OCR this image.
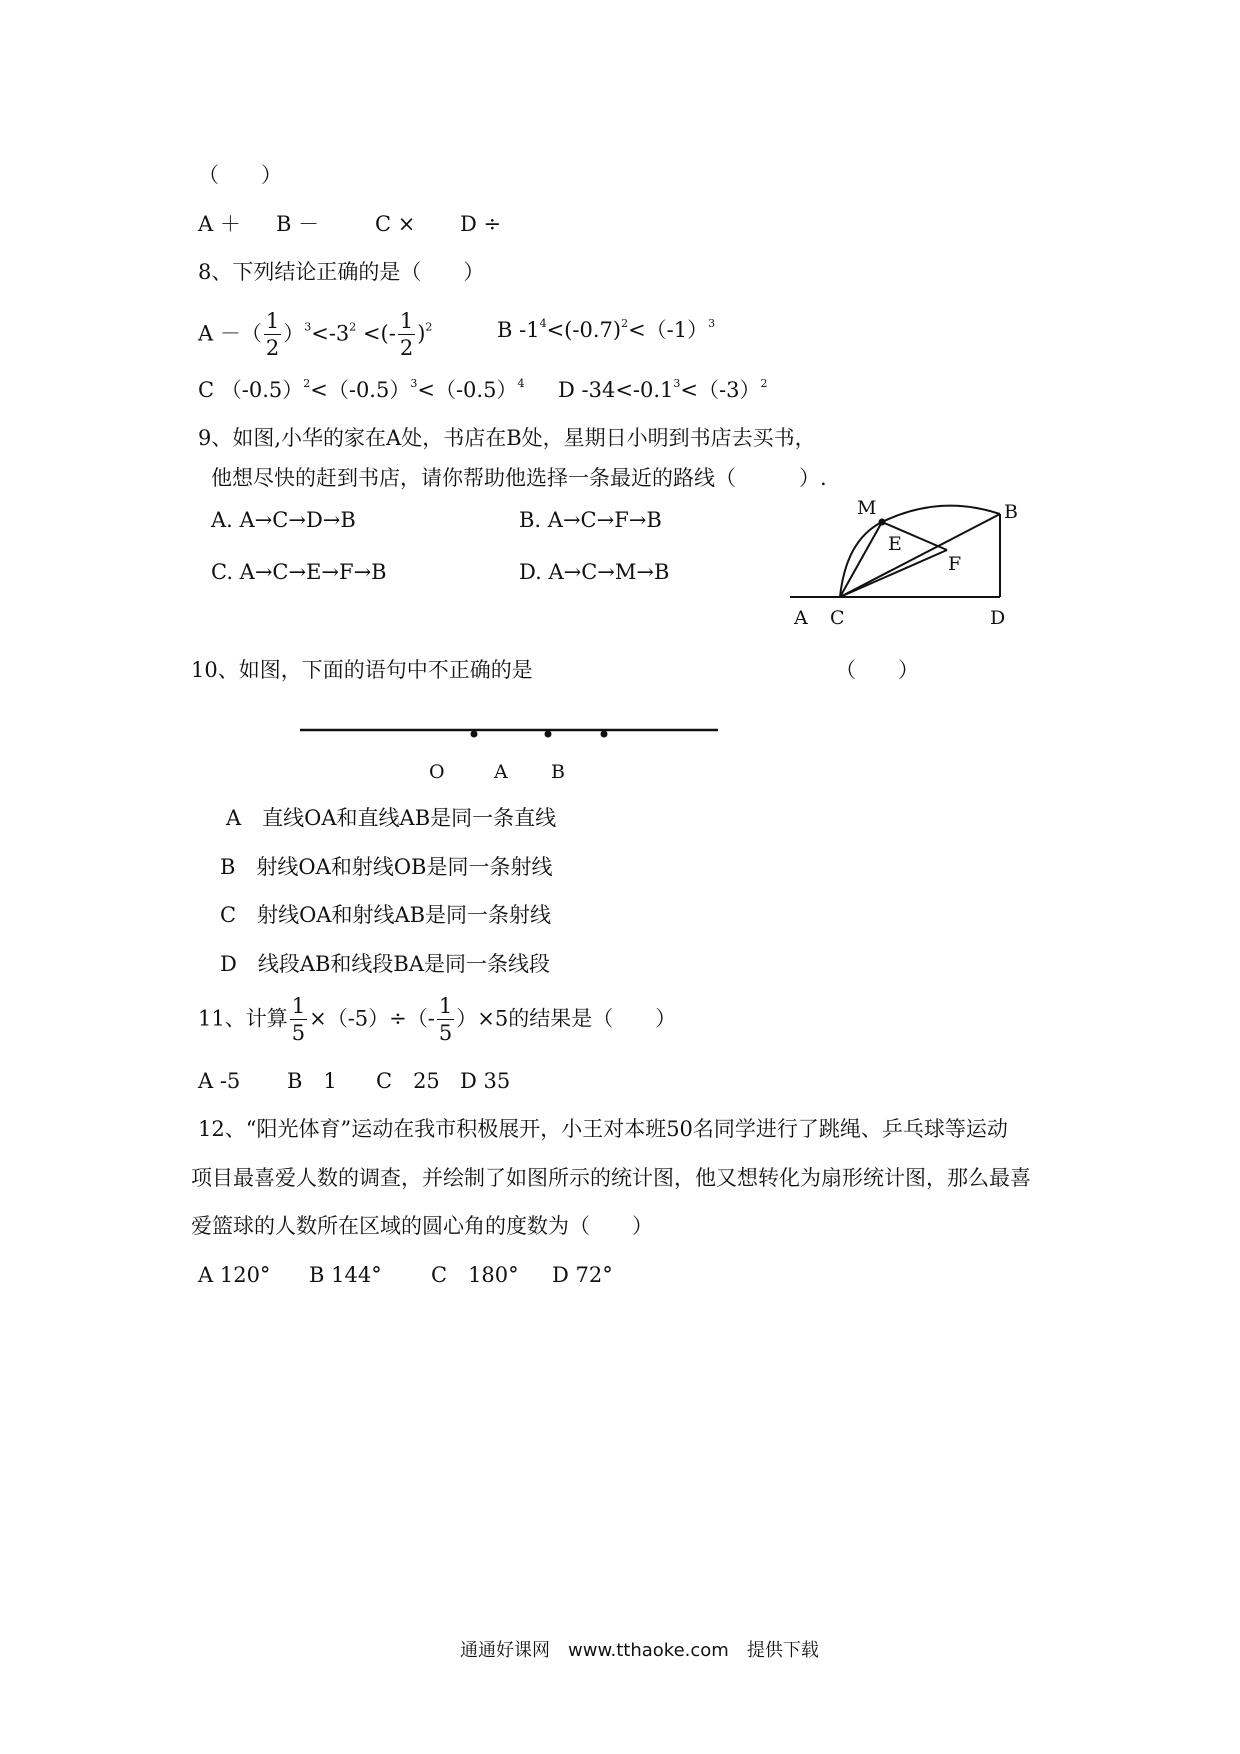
（　　）
A ＋ B －	C × D ÷
8、下列结论正确的是（　　）
A －（ $\frac{1}{2} )^3<-3^2$ <(- $\frac{1}{2} )^2$	B $-1^4<(-0.7)^2<(-1)^3$
C $(-0.5)^2<(-0.5)^3<(-0.5)^4$ D $-34<-0.1^3<(-3)^2$
9、如图,小华的家在A处，书店在B处，星期日小明到书店去买书，
他想尽快的赶到书店，请你帮助他选择一条最近的路线（　　　）.
A. A→C→D→B	B. A→C→F→B
C. A→C→E→F→B	D. A→C→M→B
M	B
E
F
A C	D
10、如图，下面的语句中不正确的是	（　　）
O	A B
A　直线OA和直线AB是同一条直线
B　射线OA和射线OB是同一条射线
C　射线OA和射线AB是同一条射线
D　线段AB和线段BA是同一条线段
11、计算 $\frac{1}{5} \times(-5)\div(- \frac{1}{5} )\times 5$的结果是（　　）
A -5 B　1 C　25 D 35
12、“阳光体育”运动在我市积极展开，小王对本班50名同学进行了跳绳、乒乓球等运动
项目最喜爱人数的调查，并绘制了如图所示的统计图，他又想转化为扇形统计图，那么最喜
爱篮球的人数所在区域的圆心角的度数为（　　）
A 120° B 144° C　180° D 72°
通通好课网　www.tthaoke.com　提供下载
